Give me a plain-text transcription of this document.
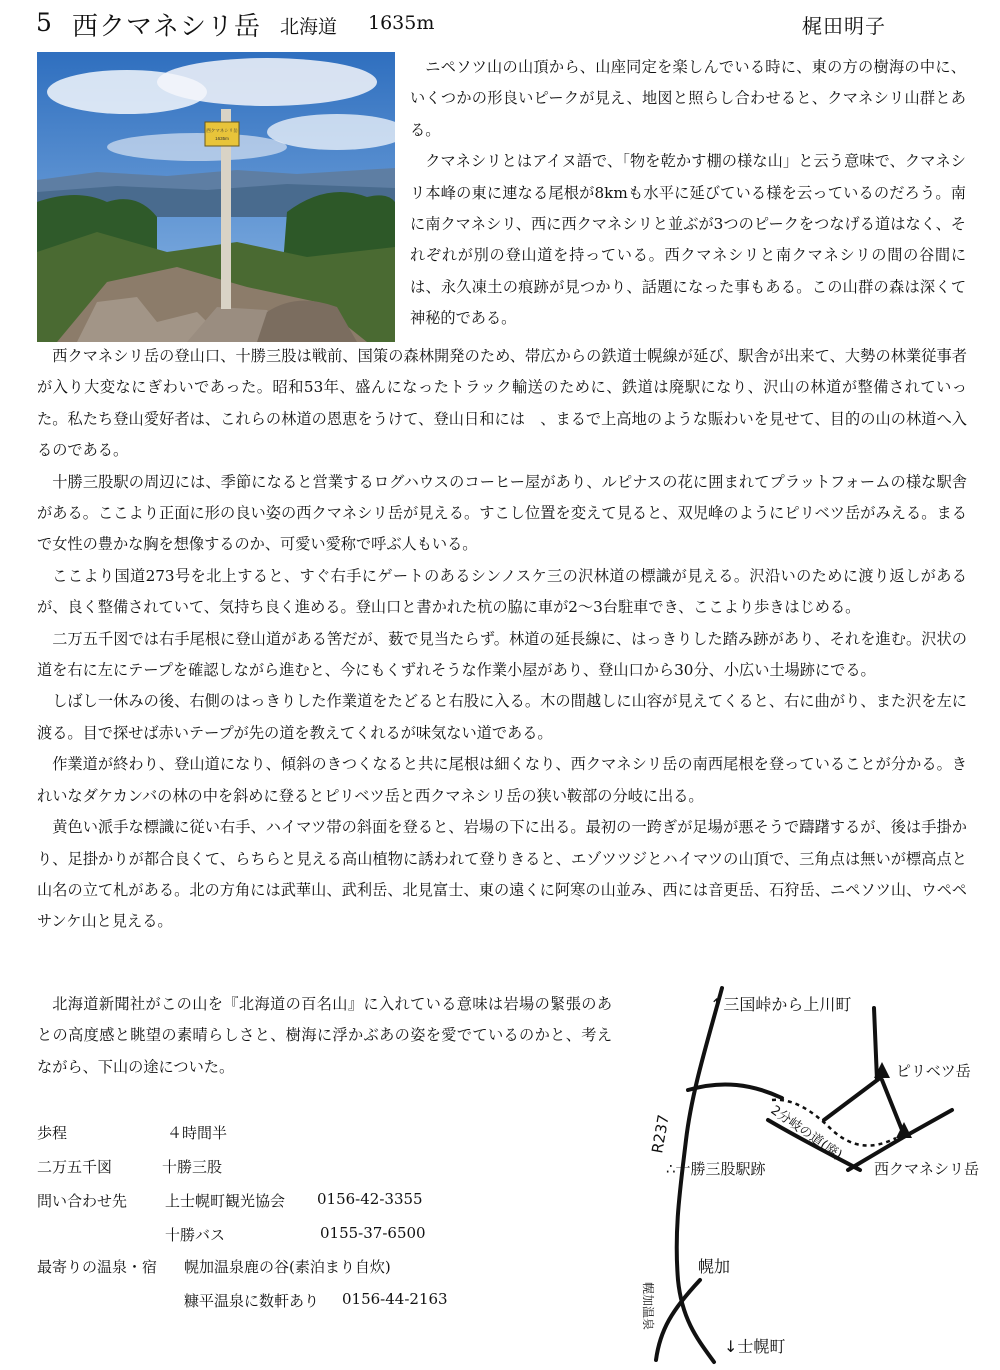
5 西クマネシリ岳 北海道 1635m	梶田明子
西クマネシリ岳
1635m

ニペソツ山の山頂から、山座同定を楽しんでいる時に、東の方の樹海の中に、いくつかの形良いピークが見え、地図と照らし合わせると、クマネシリ山群とある。

クマネシリとはアイヌ語で、「物を乾かす棚の様な山」と云う意味で、クマネシリ本峰の東に連なる尾根が8kmも水平に延びている様を云っているのだろう。南に南クマネシリ、西に西クマネシリと並ぶが3つのピークをつなげる道はなく、それぞれが別の登山道を持っている。西クマネシリと南クマネシリの間の谷間には、永久凍土の痕跡が見つかり、話題になった事もある。この山群の森は深くて神秘的である。

西クマネシリ岳の登山口、十勝三股は戦前、国策の森林開発のため、帯広からの鉄道士幌線が延び、駅舎が出来て、大勢の林業従事者が入り大変なにぎわいであった。昭和53年、盛んになったトラック輸送のために、鉄道は廃駅になり、沢山の林道が整備されていった。私たち登山愛好者は、これらの林道の恩恵をうけて、登山日和には　、まるで上高地のような賑わいを見せて、目的の山の林道へ入るのである。

十勝三股駅の周辺には、季節になると営業するログハウスのコーヒー屋があり、ルピナスの花に囲まれてプラットフォームの様な駅舎がある。ここより正面に形の良い姿の西クマネシリ岳が見える。すこし位置を変えて見ると、双児峰のようにピリベツ岳がみえる。まるで女性の豊かな胸を想像するのか、可愛い愛称で呼ぶ人もいる。

ここより国道273号を北上すると、すぐ右手にゲートのあるシンノスケ三の沢林道の標識が見える。沢沿いのために渡り返しがあるが、良く整備されていて、気持ち良く進める。登山口と書かれた杭の脇に車が2〜3台駐車でき、ここより歩きはじめる。

二万五千図では右手尾根に登山道がある筈だが、薮で見当たらず。林道の延長線に、はっきりした踏み跡があり、それを進む。沢状の道を右に左にテープを確認しながら進むと、今にもくずれそうな作業小屋があり、登山口から30分、小広い土場跡にでる。

しばし一休みの後、右側のはっきりした作業道をたどると右股に入る。木の間越しに山容が見えてくると、右に曲がり、また沢を左に渡る。目で探せば赤いテープが先の道を教えてくれるが味気ない道である。

作業道が終わり、登山道になり、傾斜のきつくなると共に尾根は細くなり、西クマネシリ岳の南西尾根を登っていることが分かる。きれいなダケカンバの林の中を斜めに登るとピリベツ岳と西クマネシリ岳の狭い鞍部の分岐に出る。

黄色い派手な標識に従い右手、ハイマツ帯の斜面を登ると、岩場の下に出る。最初の一跨ぎが足場が悪そうで躊躇するが、後は手掛かり、足掛かりが都合良くて、らちらと見える高山植物に誘われて登りきると、エゾツツジとハイマツの山頂で、三角点は無いが標高点と山名の立て札がある。北の方角には武華山、武利岳、北見富士、東の遠くに阿寒の山並み、西には音更岳、石狩岳、ニペソツ山、ウペペサンケ山と見える。

北海道新聞社がこの山を『北海道の百名山』に入れている意味は岩場の緊張のあとの高度感と眺望の素晴らしさと、樹海に浮かぶあの姿を愛でているのかと、考えながら、下山の途についた。

歩程	４時間半
二万五千図	十勝三股
問い合わせ先	上士幌町観光協会 0156-42-3355
十勝バス	0155-37-6500
最寄りの温泉・宿 幌加温泉鹿の谷(素泊まり自炊)
糠平温泉に数軒あり 0156-44-2163
↑三国峠から上川町
ピリベツ岳
西クマネシリ岳
R237
∴十勝三股駅跡
2分岐の道(廃)
幌加
幌加温泉
↓士幌町
